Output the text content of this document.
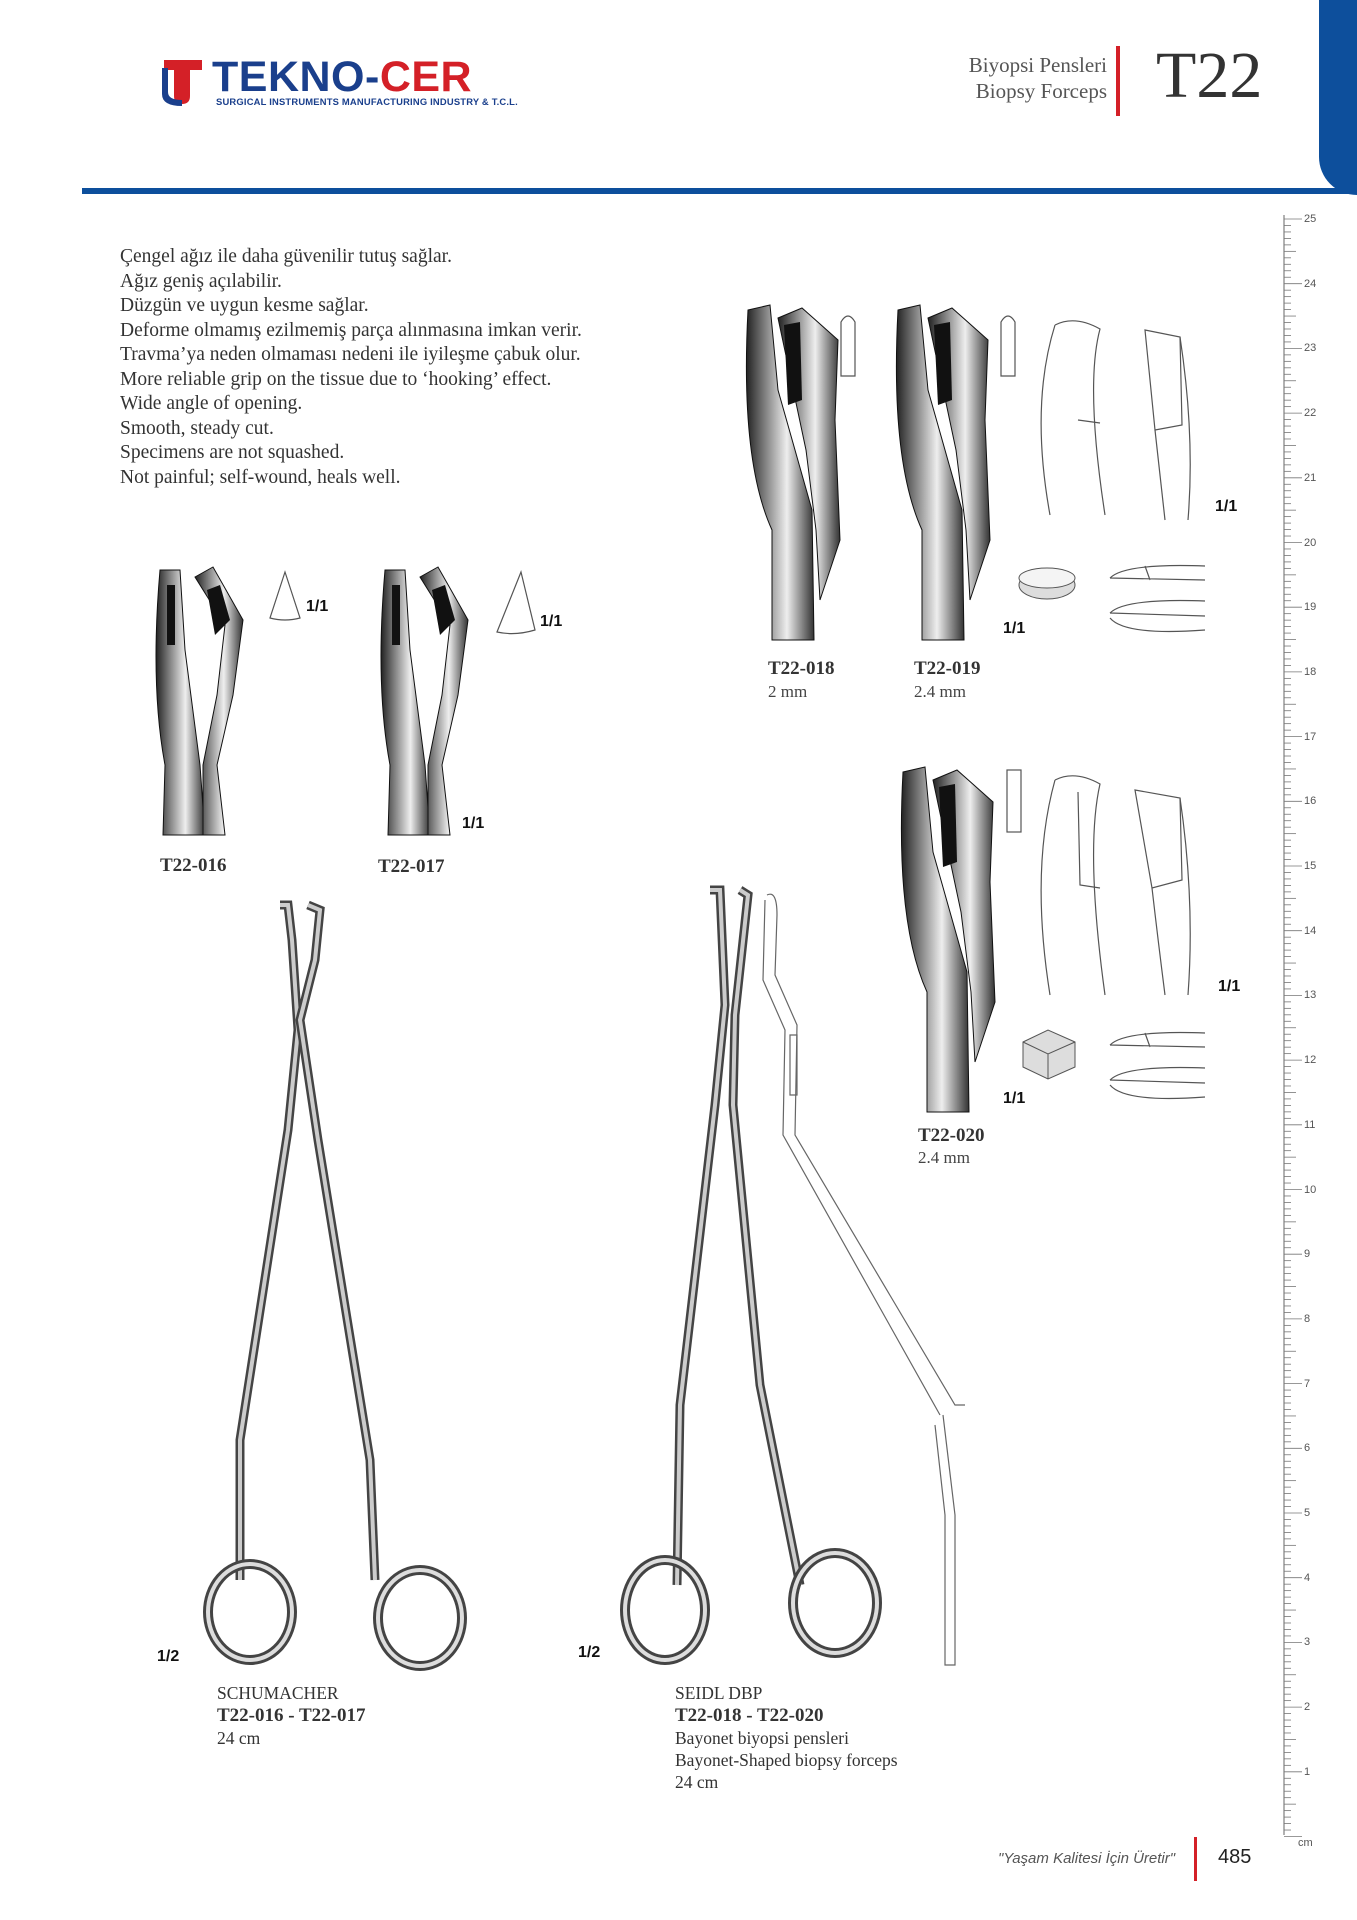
TEKNO-CER
SURGICAL INSTRUMENTS MANUFACTURING INDUSTRY & T.C.L.
Biyopsi Pensleri
Biopsy Forceps T22
Çengel ağız ile daha güvenilir tutuş sağlar.
Ağız geniş açılabilir.
Düzgün ve uygun kesme sağlar.
Deforme olmamış ezilmemiş parça alınmasına imkan verir.
Travma’ya neden olmaması nedeni ile iyileşme çabuk olur.
More reliable grip on the tissue due to ‘hooking’ effect.
Wide angle of opening.
Smooth, steady cut.
Specimens are not squashed.
Not painful; self-wound, heals well.
1/1
1/1
1/1
T22-016	T22-017
1/1
1/1
T22-018
2 mm
T22-019
2.4 mm
1/1
1/1
T22-020
2.4 mm
1/2	1/2
SCHUMACHER
T22-016 - T22-017
24 cm
SEIDL DBP
T22-018 - T22-020
Bayonet biyopsi pensleri
Bayonet-Shaped biopsy forceps
24 cm
25
24
23
22
21
20
19
18
17
16
15
14
13
12
11
10
9
8
7
6
5
4
3
2
1
cm
"Yaşam Kalitesi İçin Üretir" 485
